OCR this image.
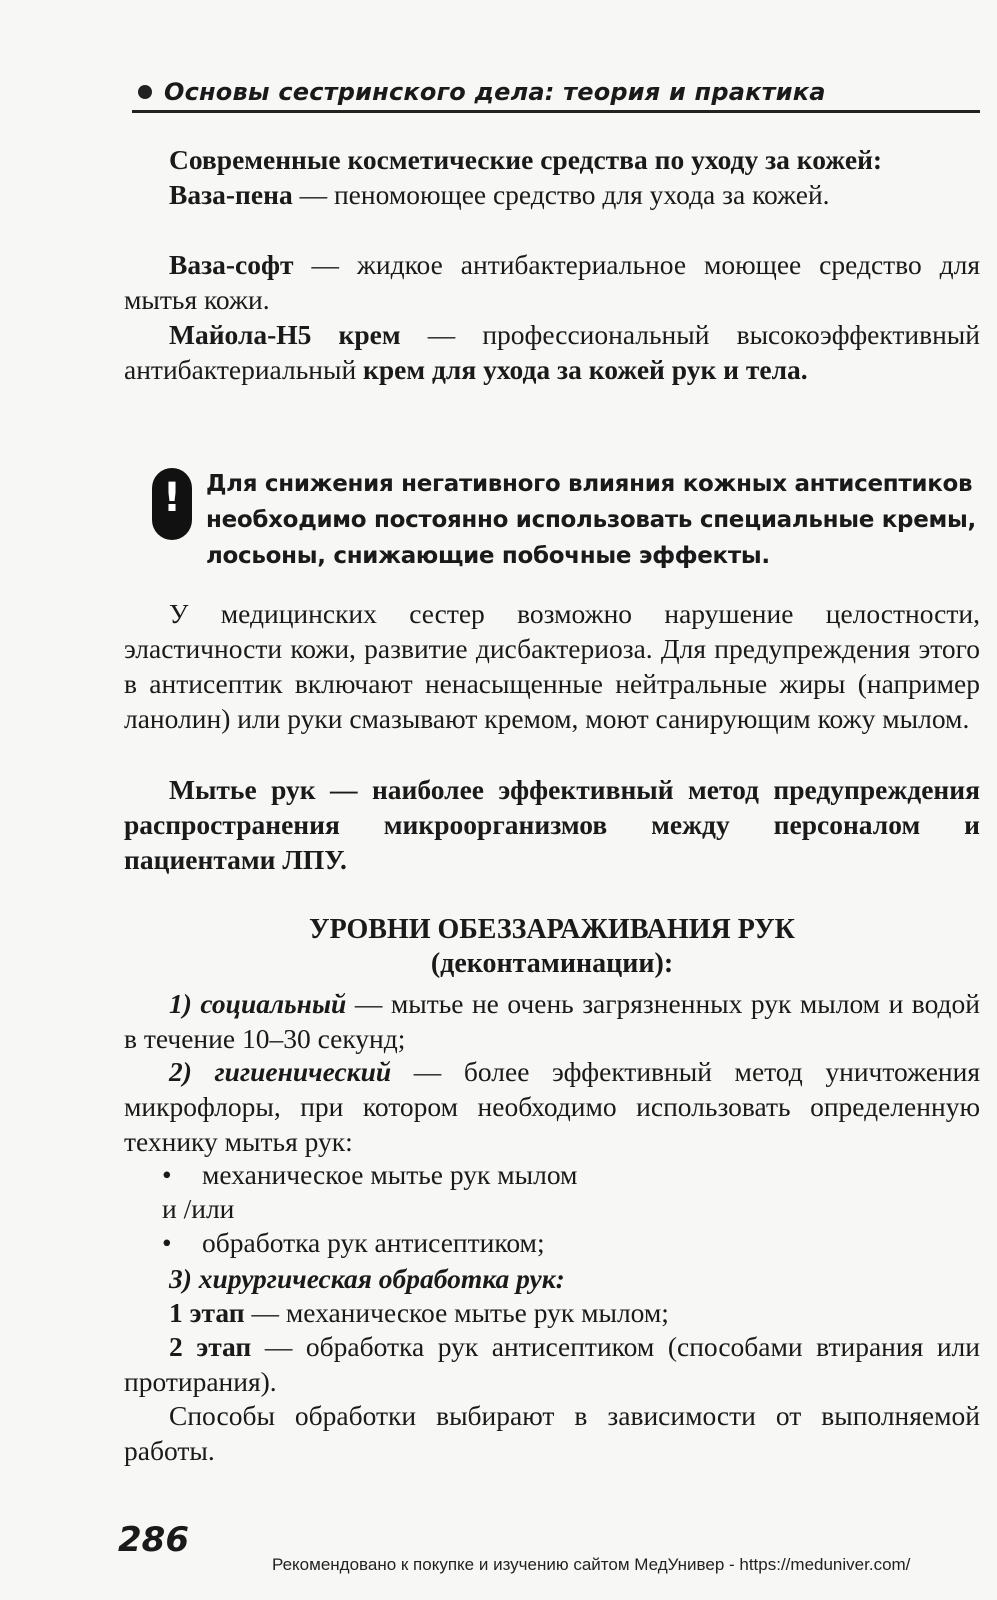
Основы сестринского дела: теория и практика
Современные косметические средства по уходу за кожей:
Ваза-пена — пеномоющее средство для ухода за кожей.
Ваза-софт — жидкое антибактериальное моющее средство для мытья кожи.
Майола-Н5 крем — профессиональный высокоэффективный антибактериальный крем для ухода за кожей рук и тела.
!	Для снижения негативного влияния кожных антисептиков необходимо постоянно использовать специальные кремы, лосьоны, снижающие побочные эффекты.
У медицинских сестер возможно нарушение целостности, эластичности кожи, развитие дисбактериоза. Для предупреждения этого в антисептик включают ненасыщенные нейтральные жиры (например ланолин) или руки смазывают кремом, моют санирующим кожу мылом.
Мытье рук — наиболее эффективный метод предупреждения распространения микроорганизмов между персоналом и пациентами ЛПУ.
УРОВНИ ОБЕЗЗАРАЖИВАНИЯ РУК
(деконтаминации):
1) социальный — мытье не очень загрязненных рук мылом и водой в течение 10–30 секунд;
2) гигиенический — более эффективный метод уничтожения микрофлоры, при котором необходимо использовать определенную технику мытья рук:
• механическое мытье рук мылом
и /или
• обработка рук антисептиком;
3) хирургическая обработка рук:
1 этап — механическое мытье рук мылом;
2 этап — обработка рук антисептиком (способами втирания или протирания).
Способы обработки выбирают в зависимости от выполняемой работы.
286
Рекомендовано к покупке и изучению сайтом МедУнивер - https://meduniver.com/
